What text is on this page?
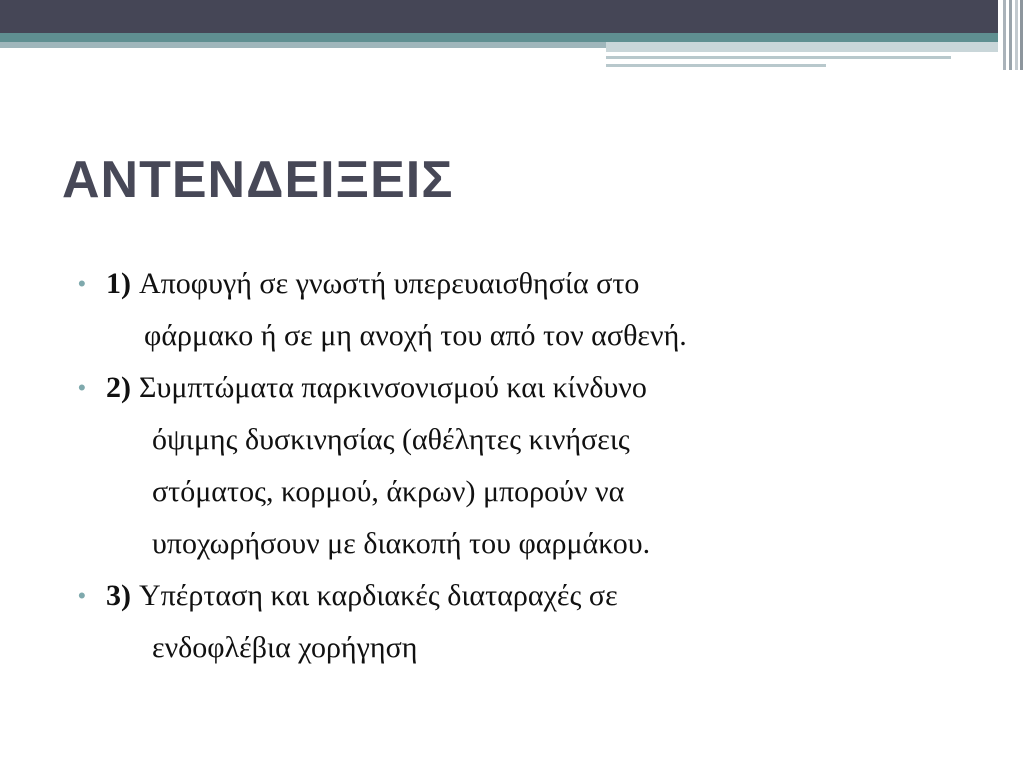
ΑΝΤΕΝΔΕΙΞΕΙΣ
• 1) Αποφυγή σε γνωστή υπερευαισθησία στο
φάρμακο ή σε μη ανοχή του από τον ασθενή.
• 2) Συμπτώματα παρκινσονισμού και κίνδυνο
όψιμης δυσκινησίας (αθέλητες κινήσεις
στόματος, κορμού, άκρων) μπορούν να
υποχωρήσουν με διακοπή του φαρμάκου.
• 3) Υπέρταση και καρδιακές διαταραχές σε
ενδοφλέβια χορήγηση
